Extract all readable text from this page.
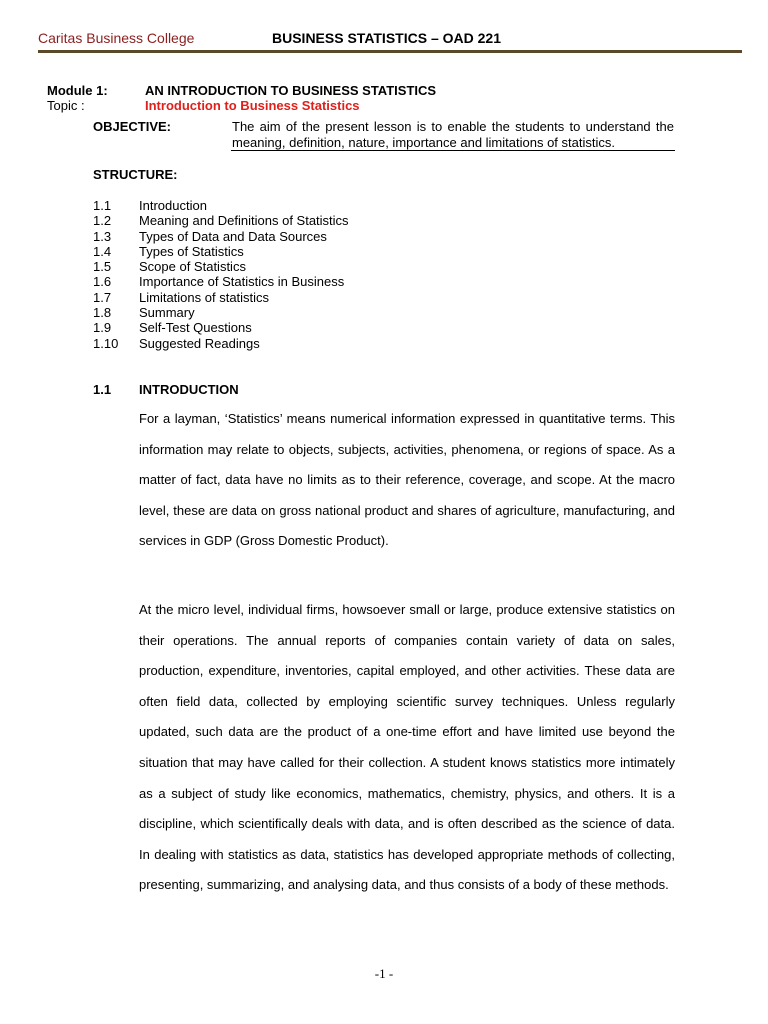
Caritas Business College	BUSINESS STATISTICS – OAD 221
Module 1:	AN INTRODUCTION TO BUSINESS STATISTICS
Topic :	Introduction to Business Statistics
OBJECTIVE:	The aim of the present lesson is to enable the students to understand the meaning, definition, nature, importance and limitations of statistics.
STRUCTURE:
1.1 Introduction
1.2 Meaning and Definitions of Statistics
1.3 Types of Data and Data Sources
1.4 Types of Statistics
1.5 Scope of Statistics
1.6 Importance of Statistics in Business
1.7 Limitations of statistics
1.8 Summary
1.9 Self-Test Questions
1.10 Suggested Readings
1.1 INTRODUCTION

For a layman, ‘Statistics’ means numerical information expressed in quantitative terms. This information may relate to objects, subjects, activities, phenomena, or regions of space. As a matter of fact, data have no limits as to their reference, coverage, and scope. At the macro level, these are data on gross national product and shares of agriculture, manufacturing, and services in GDP (Gross Domestic Product).

At the micro level, individual firms, howsoever small or large, produce extensive statistics on their operations. The annual reports of companies contain variety of data on sales, production, expenditure, inventories, capital employed, and other activities. These data are often field data, collected by employing scientific survey techniques. Unless regularly updated, such data are the product of a one-time effort and have limited use beyond the situation that may have called for their collection. A student knows statistics more intimately as a subject of study like economics, mathematics, chemistry, physics, and others. It is a discipline, which scientifically deals with data, and is often described as the science of data. In dealing with statistics as data, statistics has developed appropriate methods of collecting, presenting, summarizing, and analysing data, and thus consists of a body of these methods.

-1 -
